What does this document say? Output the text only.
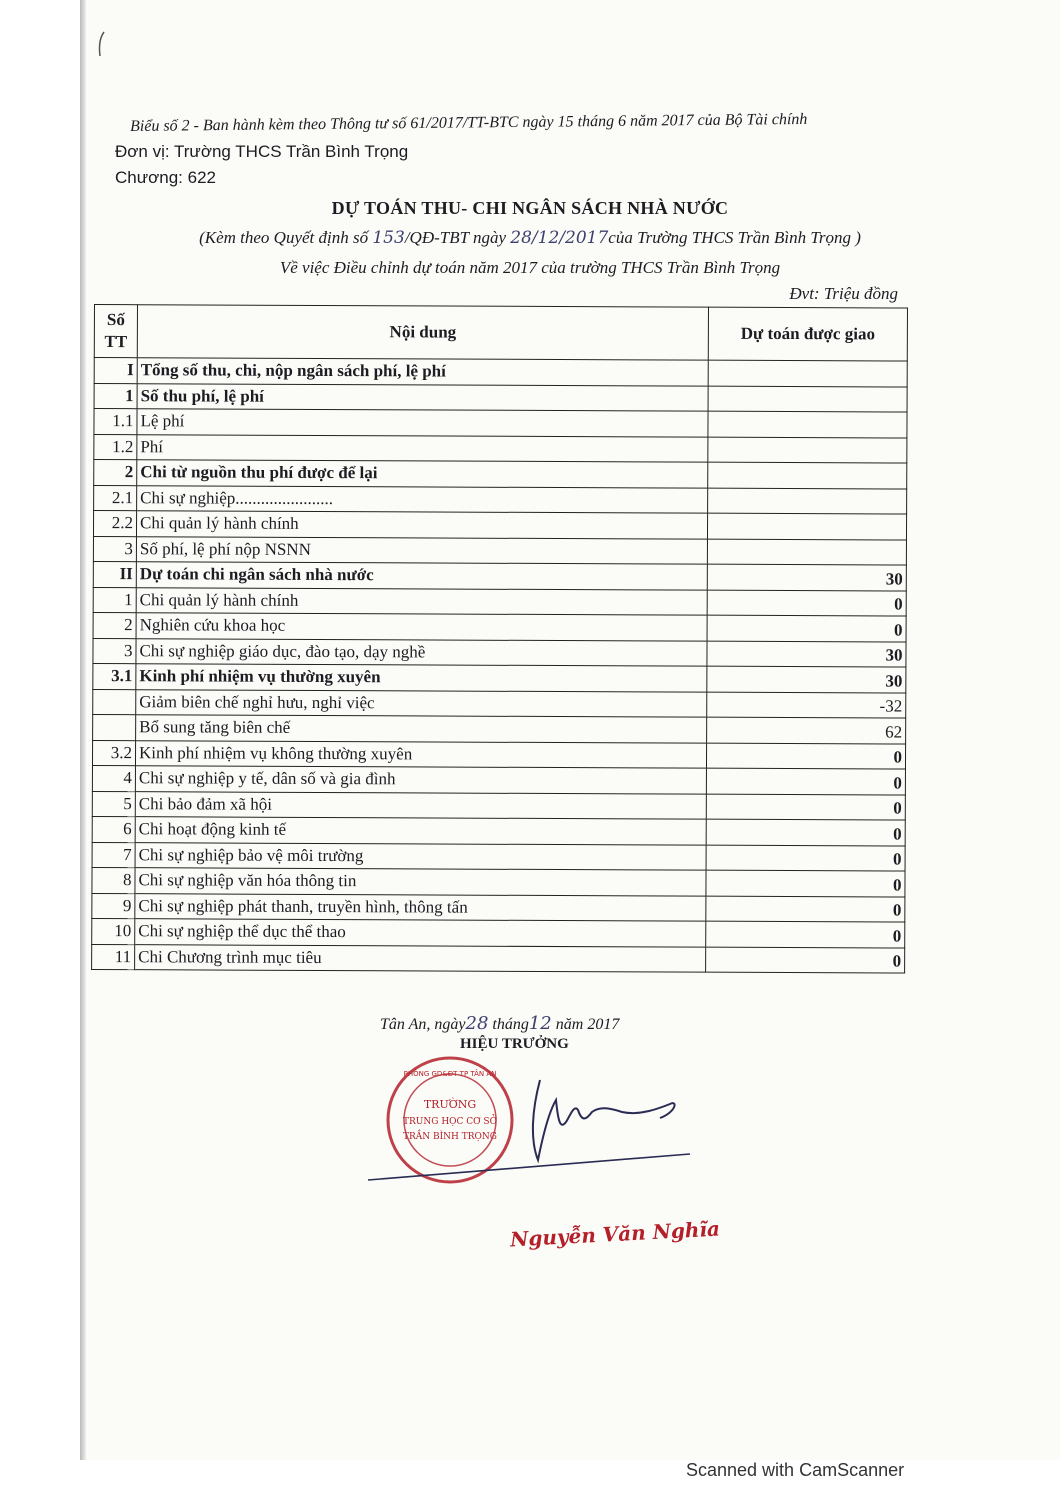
Biểu số 2 - Ban hành kèm theo Thông tư số 61/2017/TT-BTC ngày 15 tháng 6 năm 2017 của Bộ Tài chính
Đơn vị: Trường THCS Trần Bình Trọng
Chương: 622
DỰ TOÁN THU- CHI NGÂN SÁCH NHÀ NƯỚC
(Kèm theo Quyết định số 153/QĐ-TBT ngày 28/12/2017của Trường THCS Trần Bình Trọng )
Về việc Điều chỉnh dự toán năm 2017 của trường THCS Trần Bình Trọng
Đvt: Triệu đồng
Số TT	Nội dung	Dự toán được giao
I	Tổng số thu, chi, nộp ngân sách phí, lệ phí	
1	Số thu phí, lệ phí	
1.1	Lệ phí	
1.2	Phí	
2	Chi từ nguồn thu phí được để lại	
2.1	Chi sự nghiệp.......................	
2.2	Chi quản lý hành chính	
3	Số phí, lệ phí nộp NSNN	
II	Dự toán chi ngân sách nhà nước	30
1	Chi quản lý hành chính	0
2	Nghiên cứu khoa học	0
3	Chi sự nghiệp giáo dục, đào tạo, dạy nghề	30
3.1	Kinh phí nhiệm vụ thường xuyên	30
	Giảm biên chế nghỉ hưu, nghỉ việc	-32
	Bổ sung tăng biên chế	62
3.2	Kinh phí nhiệm vụ không thường xuyên	0
4	Chi sự nghiệp y tế, dân số và gia đình	0
5	Chi bảo đảm xã hội	0
6	Chi hoạt động kinh tế	0
7	Chi sự nghiệp bảo vệ môi trường	0
8	Chi sự nghiệp văn hóa thông tin	0
9	Chi sự nghiệp phát thanh, truyền hình, thông tấn	0
10	Chi sự nghiệp thể dục thể thao	0
11	Chi Chương trình mục tiêu	0
Tân An, ngày28 tháng12 năm 2017
HIỆU TRƯỞNG
TRƯỜNG
TRUNG HỌC CƠ SỞ
TRẦN BÌNH TRỌNG
PHÒNG GD&ĐT TP TÂN AN
Nguyễn Văn Nghĩa
Scanned with CamScanner
